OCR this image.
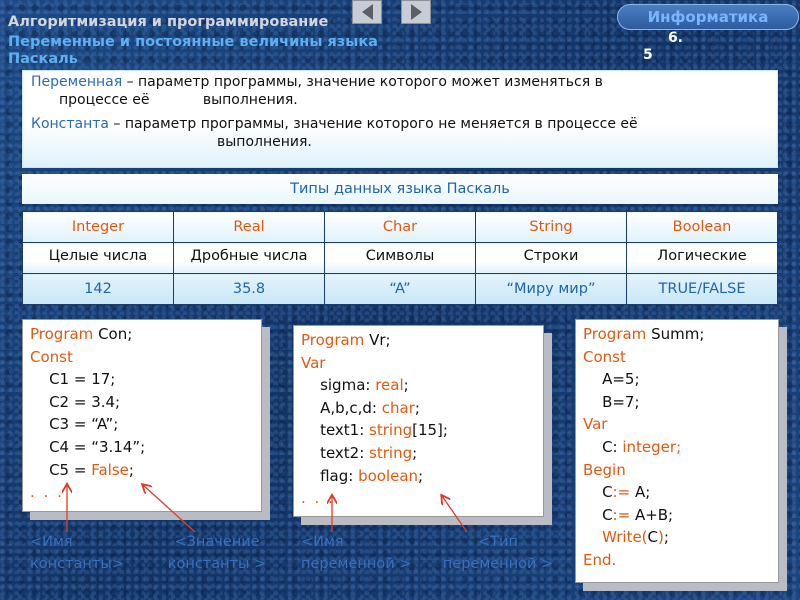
Алгоритмизация и программирование
Переменные и постоянные величины языка
Паскаль
Информатика
6.
5

Переменная – параметр программы, значение которого может изменяться в
процессе её            выполнения.

Константа – параметр программы, значение которого не меняется в процессе её
выполнения.

Типы данных языка Паскаль
Integer	Real	Char	String	Boolean
Целые числа	Дробные числа	Символы	Строки	Логические
142	35.8	“A”	“Миру мир”	TRUE/FALSE
Program Con;
Const
C1 = 17;
C2 = 3.4;
C3 = “A”;
C4 = “3.14”;
C5 = False;
. . .
Program Vr;
Var
sigma: real;
A,b,c,d: char;
text1: string[15];
text2: string;
flag: boolean;
. . .
Program Summ;
Const
A=5;
B=7;
Var
C: integer;
Begin
C:= A;
C:= A+B;
Write(C);
End.
<Имя константы>
<Значение константы >
<Имя переменной >
<Тип переменной >
